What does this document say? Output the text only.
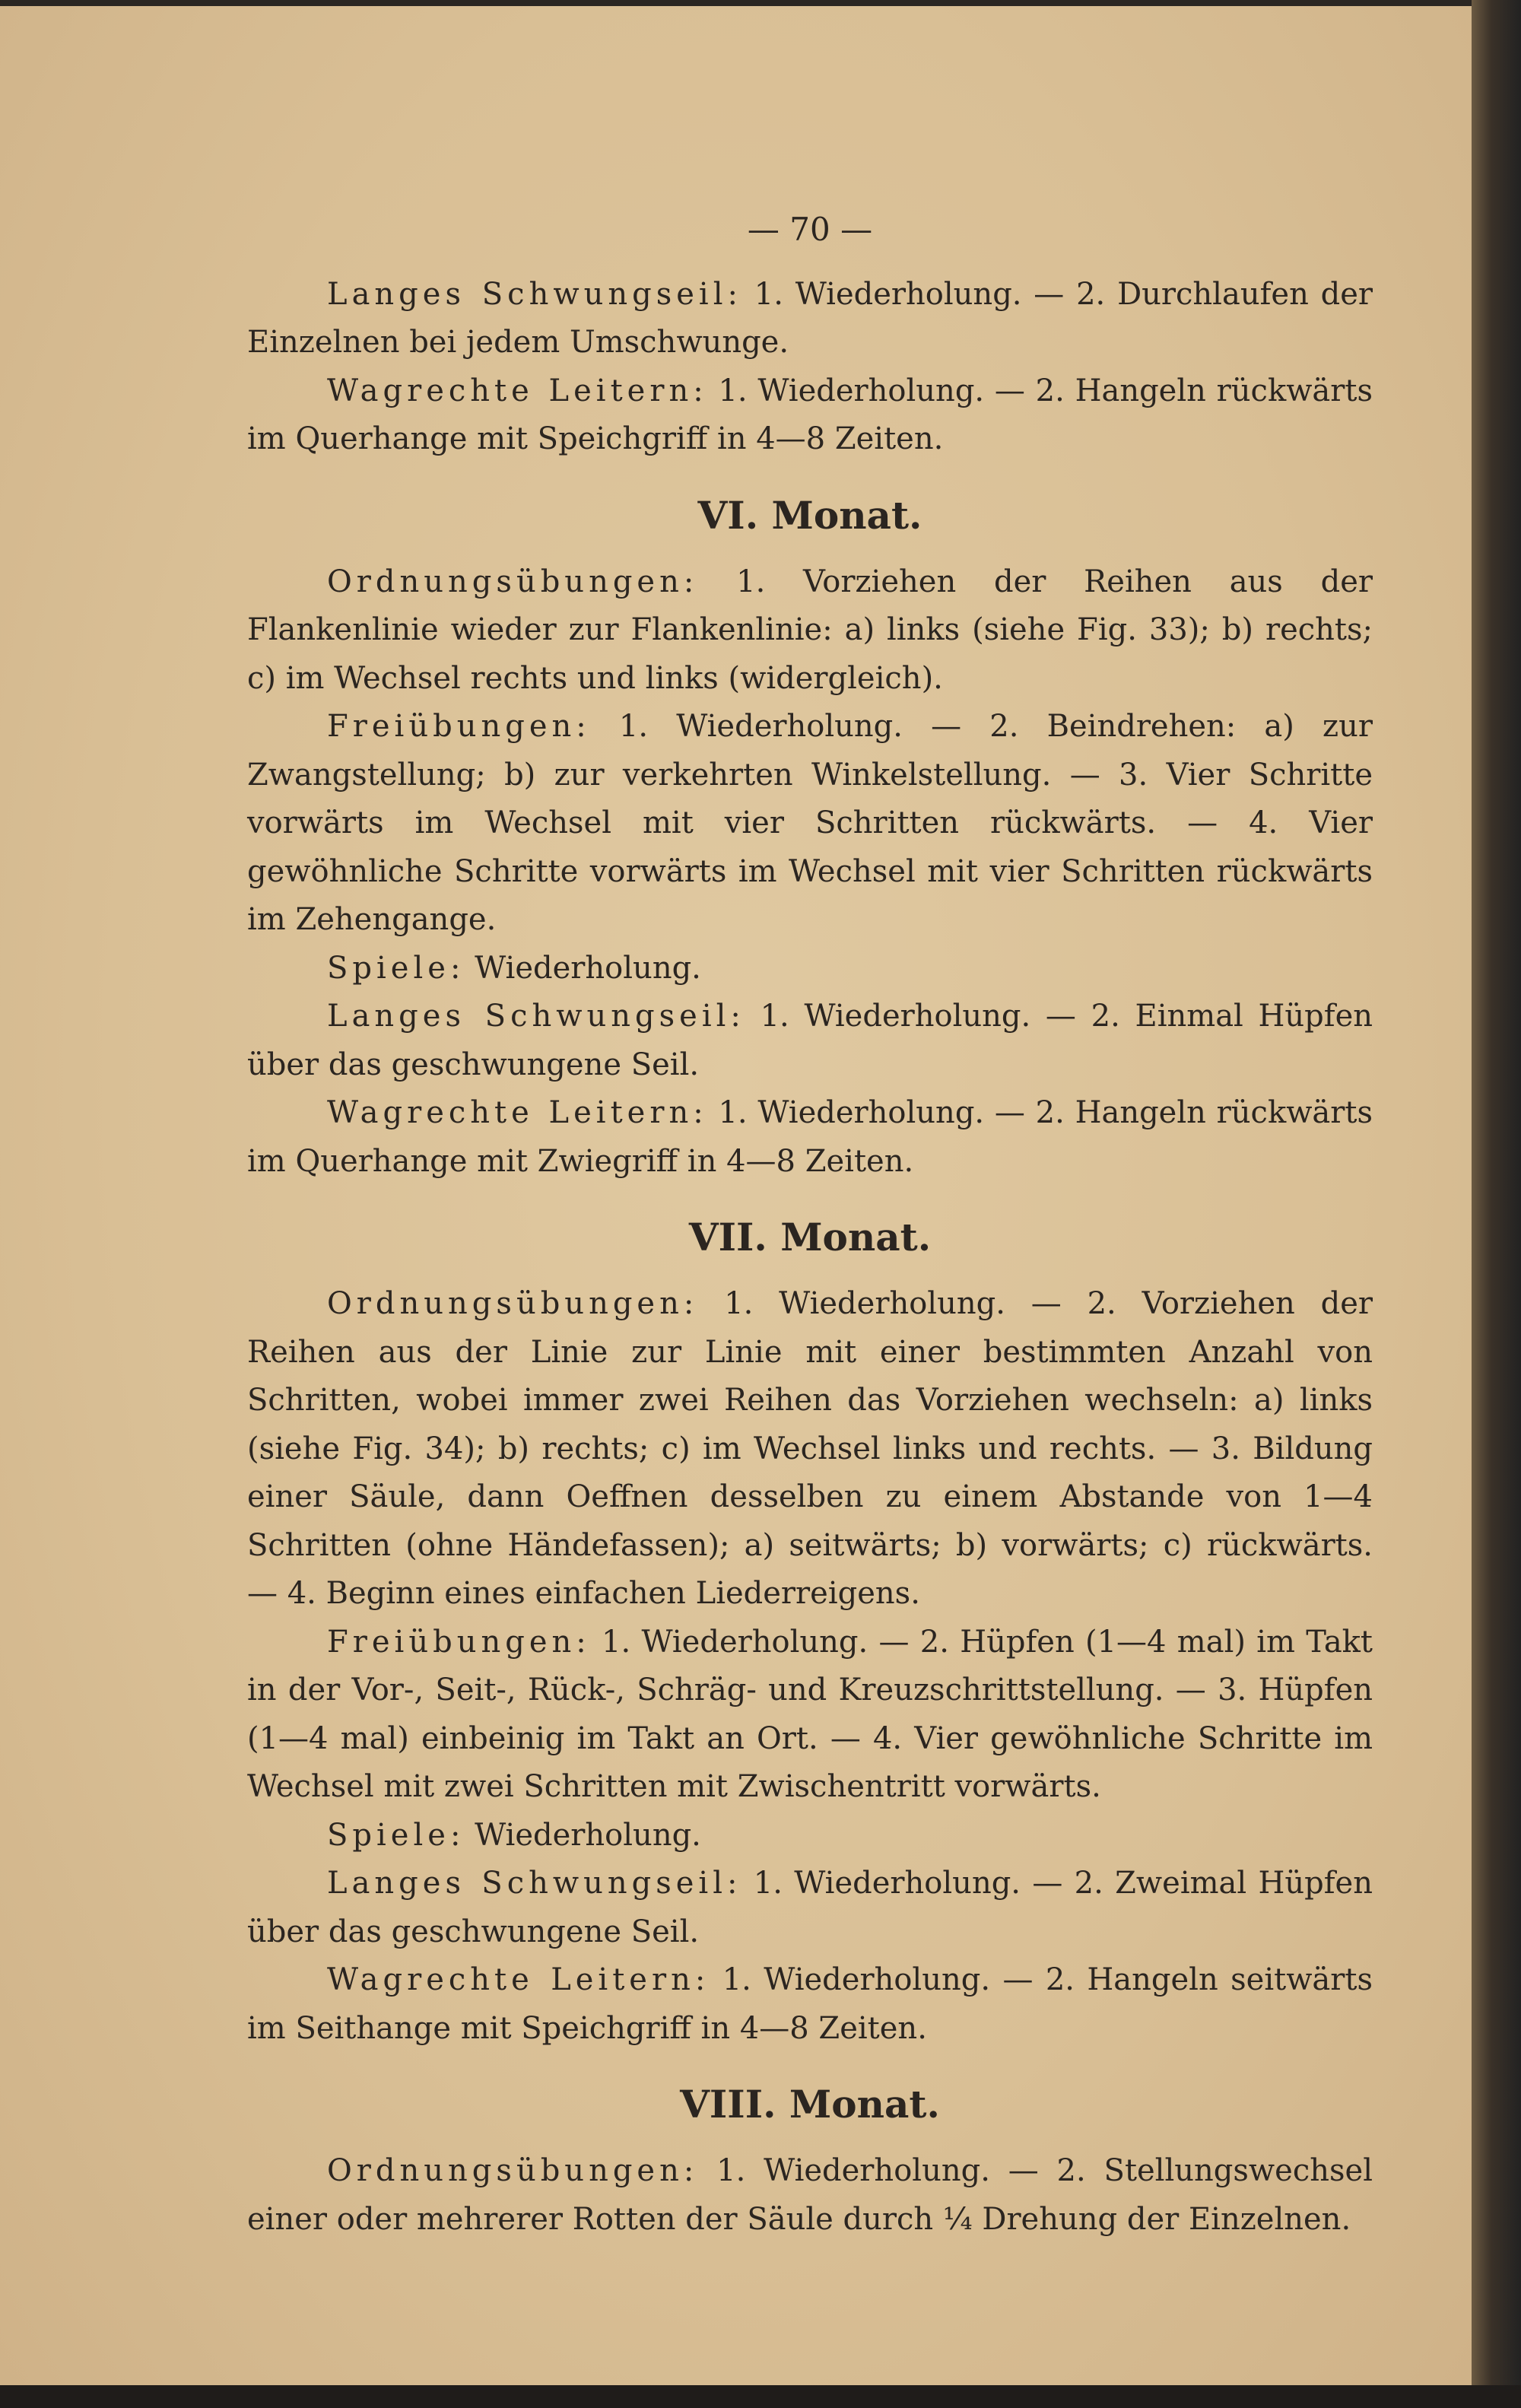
— 70 —

Langes Schwungseil: 1. Wiederholung. — 2. Durchlaufen der Einzelnen bei jedem Umschwunge.

Wagrechte Leitern: 1. Wiederholung. — 2. Hangeln rückwärts im Querhange mit Speichgriff in 4—8 Zeiten.

VI. Monat.

Ordnungsübungen: 1. Vorziehen der Reihen aus der Flankenlinie wieder zur Flankenlinie: a) links (siehe Fig. 33); b) rechts; c) im Wechsel rechts und links (widergleich).

Freiübungen: 1. Wiederholung. — 2. Beindrehen: a) zur Zwangstellung; b) zur verkehrten Winkelstellung. — 3. Vier Schritte vorwärts im Wechsel mit vier Schritten rückwärts. — 4. Vier gewöhnliche Schritte vorwärts im Wechsel mit vier Schritten rückwärts im Zehengange.

Spiele: Wiederholung.

Langes Schwungseil: 1. Wiederholung. — 2. Einmal Hüpfen über das geschwungene Seil.

Wagrechte Leitern: 1. Wiederholung. — 2. Hangeln rückwärts im Querhange mit Zwiegriff in 4—8 Zeiten.

VII. Monat.

Ordnungsübungen: 1. Wiederholung. — 2. Vorziehen der Reihen aus der Linie zur Linie mit einer bestimmten Anzahl von Schritten, wobei immer zwei Reihen das Vorziehen wechseln: a) links (siehe Fig. 34); b) rechts; c) im Wechsel links und rechts. — 3. Bildung einer Säule, dann Oeffnen desselben zu einem Abstande von 1—4 Schritten (ohne Händefassen); a) seitwärts; b) vorwärts; c) rückwärts. — 4. Beginn eines einfachen Liederreigens.

Freiübungen: 1. Wiederholung. — 2. Hüpfen (1—4 mal) im Takt in der Vor-, Seit-, Rück-, Schräg- und Kreuzschrittstellung. — 3. Hüpfen (1—4 mal) einbeinig im Takt an Ort. — 4. Vier gewöhnliche Schritte im Wechsel mit zwei Schritten mit Zwischentritt vorwärts.

Spiele: Wiederholung.

Langes Schwungseil: 1. Wiederholung. — 2. Zweimal Hüpfen über das geschwungene Seil.

Wagrechte Leitern: 1. Wiederholung. — 2. Hangeln seitwärts im Seithange mit Speichgriff in 4—8 Zeiten.

VIII. Monat.

Ordnungsübungen: 1. Wiederholung. — 2. Stellungswechsel einer oder mehrerer Rotten der Säule durch ¼ Drehung der Einzelnen.
